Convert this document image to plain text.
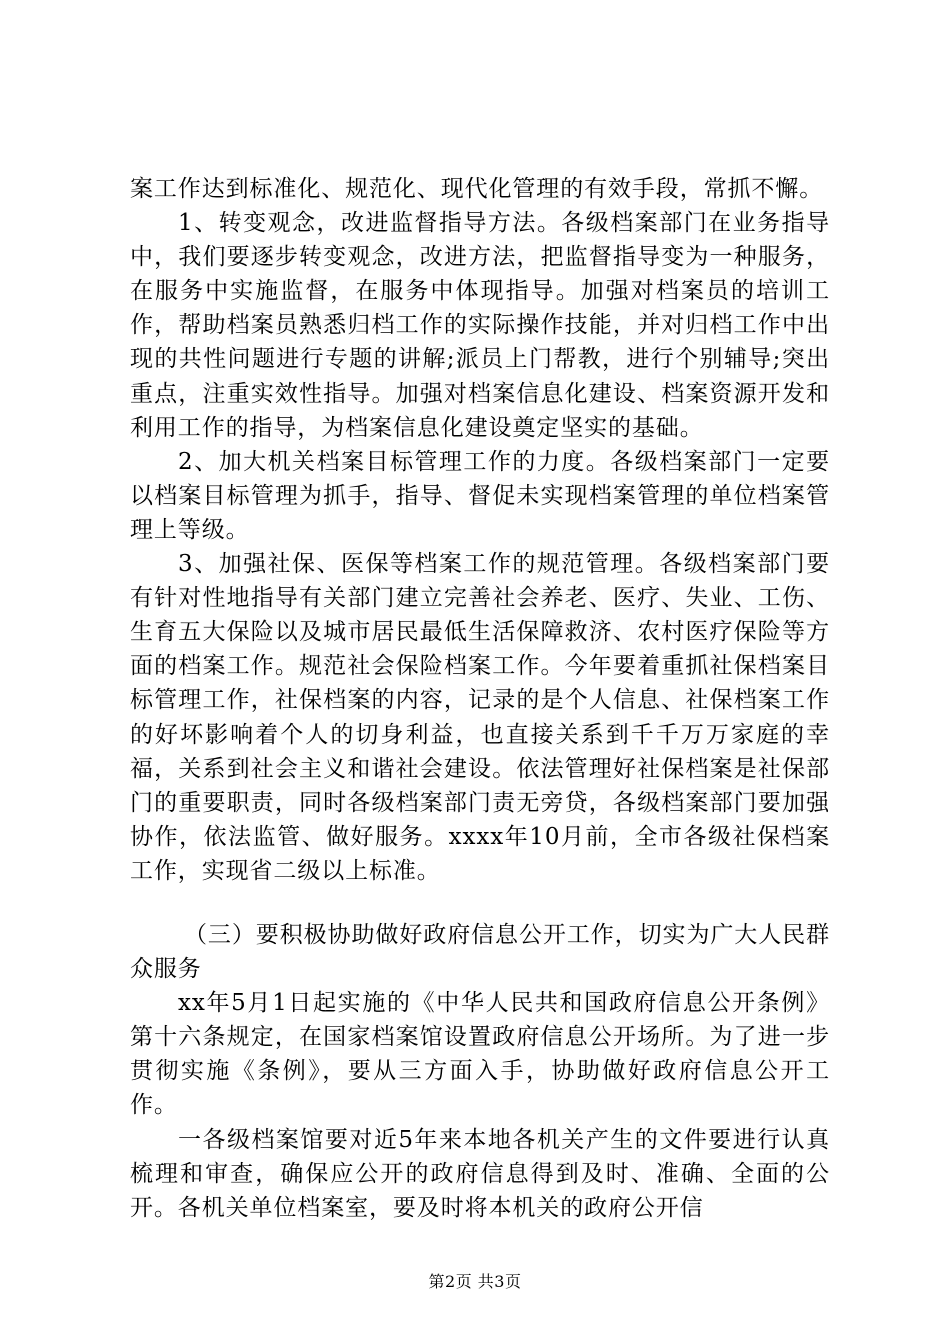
案工作达到标准化、规范化、现代化管理的有效手段，常抓不懈。

1、转变观念，改进监督指导方法。各级档案部门在业务指导中，我们要逐步转变观念，改进方法，把监督指导变为一种服务，在服务中实施监督，在服务中体现指导。加强对档案员的培训工作，帮助档案员熟悉归档工作的实际操作技能，并对归档工作中出现的共性问题进行专题的讲解;派员上门帮教，进行个别辅导;突出重点，注重实效性指导。加强对档案信息化建设、档案资源开发和利用工作的指导，为档案信息化建设奠定坚实的基础。

2、加大机关档案目标管理工作的力度。各级档案部门一定要以档案目标管理为抓手，指导、督促未实现档案管理的单位档案管理上等级。

3、加强社保、医保等档案工作的规范管理。各级档案部门要有针对性地指导有关部门建立完善社会养老、医疗、失业、工伤、生育五大保险以及城市居民最低生活保障救济、农村医疗保险等方面的档案工作。规范社会保险档案工作。今年要着重抓社保档案目标管理工作，社保档案的内容，记录的是个人信息、社保档案工作的好坏影响着个人的切身利益，也直接关系到千千万万家庭的幸福，关系到社会主义和谐社会建设。依法管理好社保档案是社保部门的重要职责，同时各级档案部门责无旁贷，各级档案部门要加强协作，依法监管、做好服务。xxxx年10月前，全市各级社保档案工作，实现省二级以上标准。

（三）要积极协助做好政府信息公开工作，切实为广大人民群众服务

xx年5月1日起实施的《中华人民共和国政府信息公开条例》第十六条规定，在国家档案馆设置政府信息公开场所。为了进一步贯彻实施《条例》，要从三方面入手，协助做好政府信息公开工作。

一各级档案馆要对近5年来本地各机关产生的文件要进行认真梳理和审查，确保应公开的政府信息得到及时、准确、全面的公开。各机关单位档案室，要及时将本机关的政府公开信

第2页 共3页
